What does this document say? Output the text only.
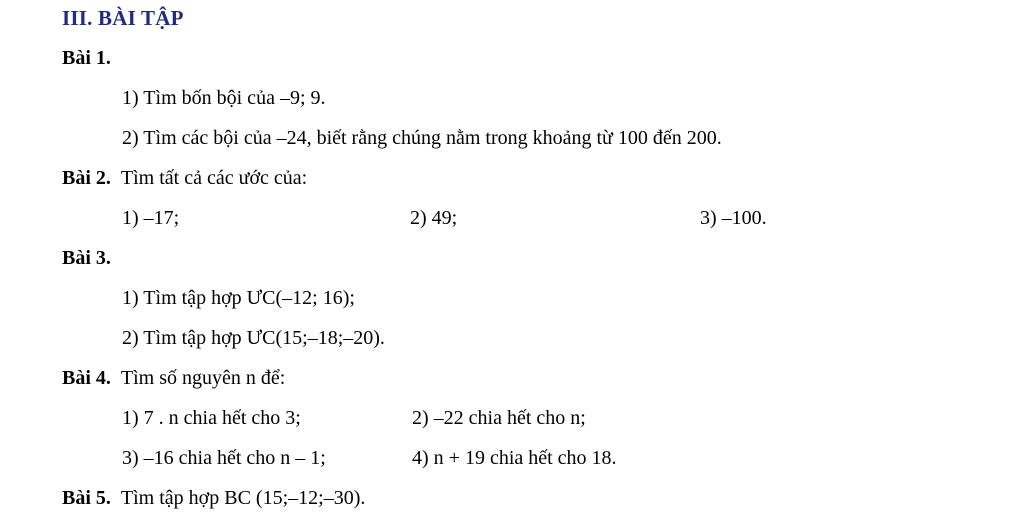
III. BÀI TẬP
Bài 1.
1) Tìm bốn bội của –9; 9.
2) Tìm các bội của –24, biết rằng chúng nằm trong khoảng từ 100 đến 200.
Bài 2. Tìm tất cả các ước của:
1) –17;	2) 49;	3) –100.
Bài 3.
1) Tìm tập hợp ƯC(–12; 16);
2) Tìm tập hợp ƯC(15;–18;–20).
Bài 4. Tìm số nguyên n để:
1) 7 . n chia hết cho 3;	2) –22 chia hết cho n;
3) –16 chia hết cho n – 1;	4) n + 19 chia hết cho 18.
Bài 5. Tìm tập hợp BC (15;–12;–30).
